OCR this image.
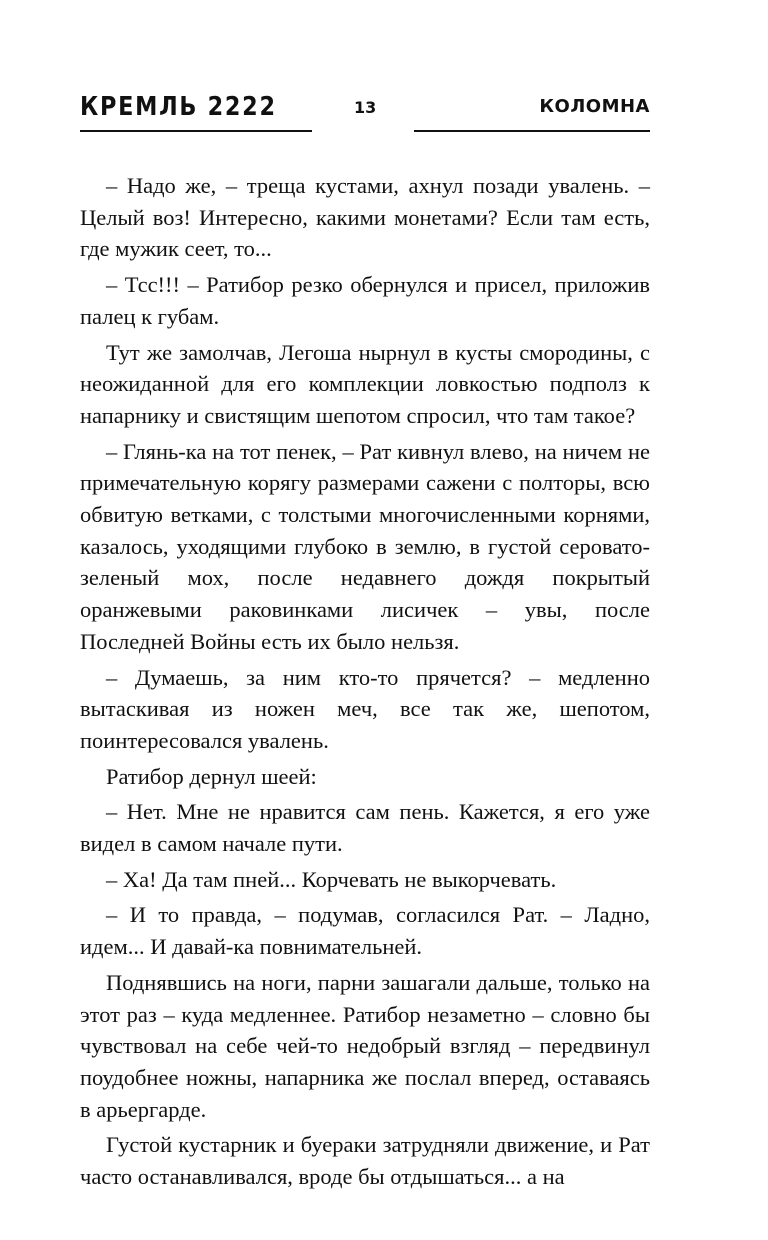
КРЕМЛЬ 2222	13	КОЛОМНА

– Надо же, – треща кустами, ахнул позади увалень. – Целый воз! Интересно, какими монетами? Если там есть, где мужик сеет, то...

– Тсс!!! – Ратибор резко обернулся и присел, приложив палец к губам.

Тут же замолчав, Легоша нырнул в кусты смородины, с неожиданной для его комплекции ловкостью подполз к напарнику и свистящим шепотом спросил, что там такое?

– Глянь-ка на тот пенек, – Рат кивнул влево, на ничем не примечательную корягу размерами сажени с полторы, всю обвитую ветками, с толстыми многочисленными корнями, казалось, уходящими глубоко в землю, в густой серовато-зеленый мох, после недавнего дождя покрытый оранжевыми раковинками лисичек – увы, после Последней Войны есть их было нельзя.

– Думаешь, за ним кто-то прячется? – медленно вытаскивая из ножен меч, все так же, шепотом, поинтересовался увалень.

Ратибор дернул шеей:

– Нет. Мне не нравится сам пень. Кажется, я его уже видел в самом начале пути.

– Ха! Да там пней... Корчевать не выкорчевать.

– И то правда, – подумав, согласился Рат. – Ладно, идем... И давай-ка повнимательней.

Поднявшись на ноги, парни зашагали дальше, только на этот раз – куда медленнее. Ратибор незаметно – словно бы чувствовал на себе чей-то недобрый взгляд – передвинул поудобнее ножны, напарника же послал вперед, оставаясь в арьергарде.

Густой кустарник и буераки затрудняли движение, и Рат часто останавливался, вроде бы отдышаться... а на
